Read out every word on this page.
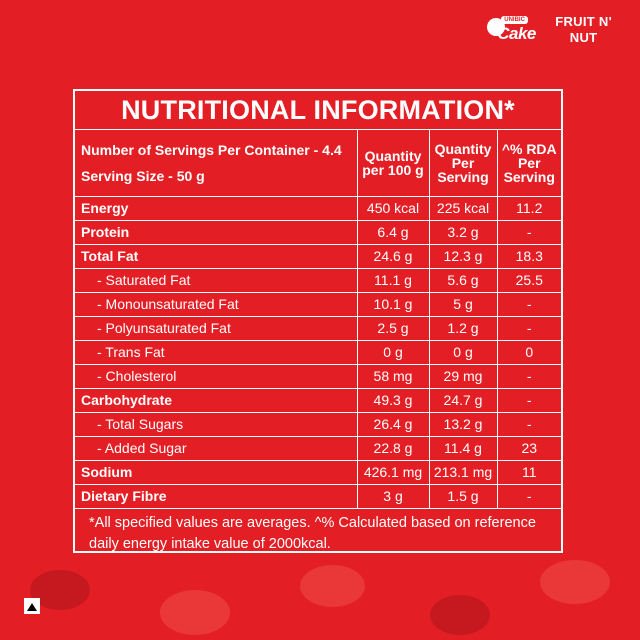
UNIBIC
Cake
FRUIT N'
NUT
NUTRITIONAL INFORMATION*
Number of Servings Per Container - 4.4
Serving Size - 50 g	Quantity per 100 g	Quantity Per Serving	^% RDA Per Serving
Energy	450 kcal	225 kcal	11.2
Protein	6.4 g	3.2 g	-
Total Fat	24.6 g	12.3 g	18.3
- Saturated Fat	11.1 g	5.6 g	25.5
- Monounsaturated Fat	10.1 g	5 g	-
- Polyunsaturated Fat	2.5 g	1.2 g	-
- Trans Fat	0 g	0 g	0
- Cholesterol	58 mg	29 mg	-
Carbohydrate	49.3 g	24.7 g	-
- Total Sugars	26.4 g	13.2 g	-
- Added Sugar	22.8 g	11.4 g	23
Sodium	426.1 mg	213.1 mg	11
Dietary Fibre	3 g	1.5 g	-
*All specified values are averages. ^% Calculated based on reference daily energy intake value of 2000kcal.
